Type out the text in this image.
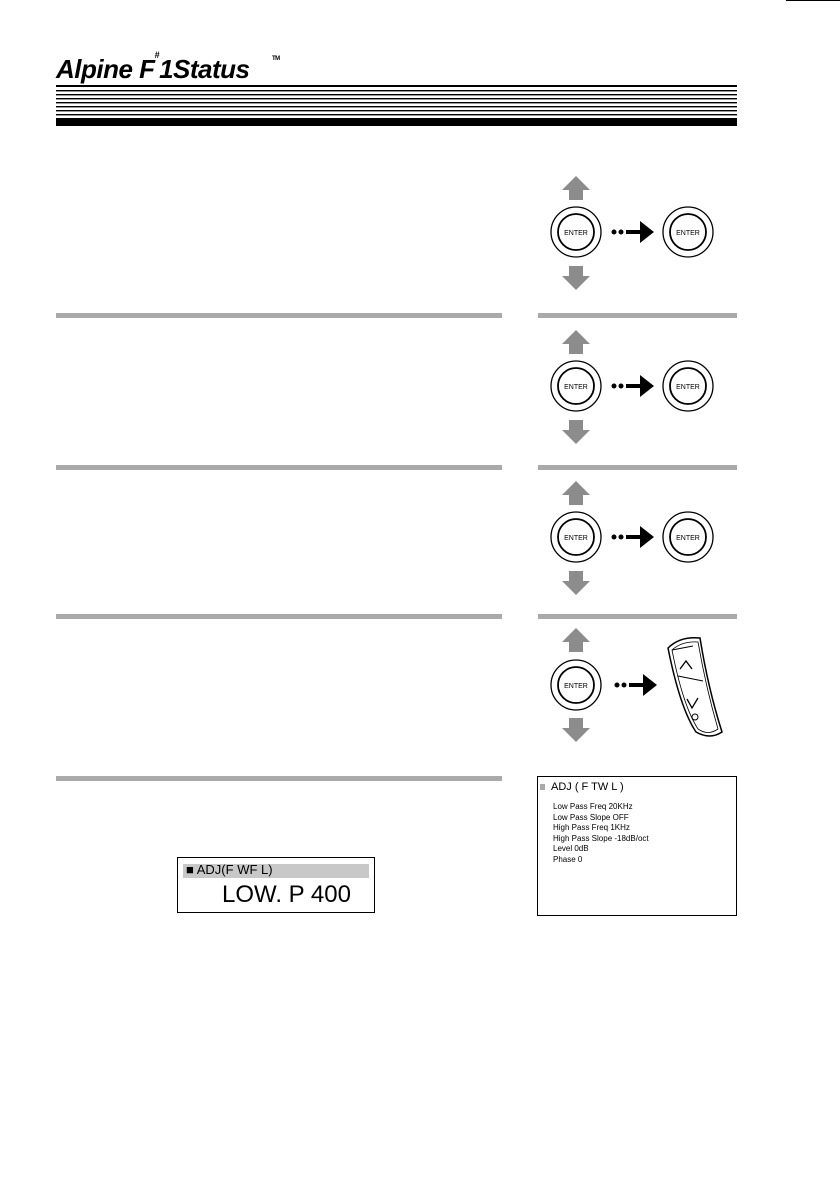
Alpine F#1Status	TM
ENTER	ENTER
ENTER	ENTER
ENTER	ENTER
ENTER
■ ADJ(F WF L)
LOW. P 400
ADJ ( F TW L )
Low Pass Freq 20KHz
Low Pass Slope OFF
High Pass Freq 1KHz
High Pass Slope -18dB/oct
Level 0dB
Phase 0
